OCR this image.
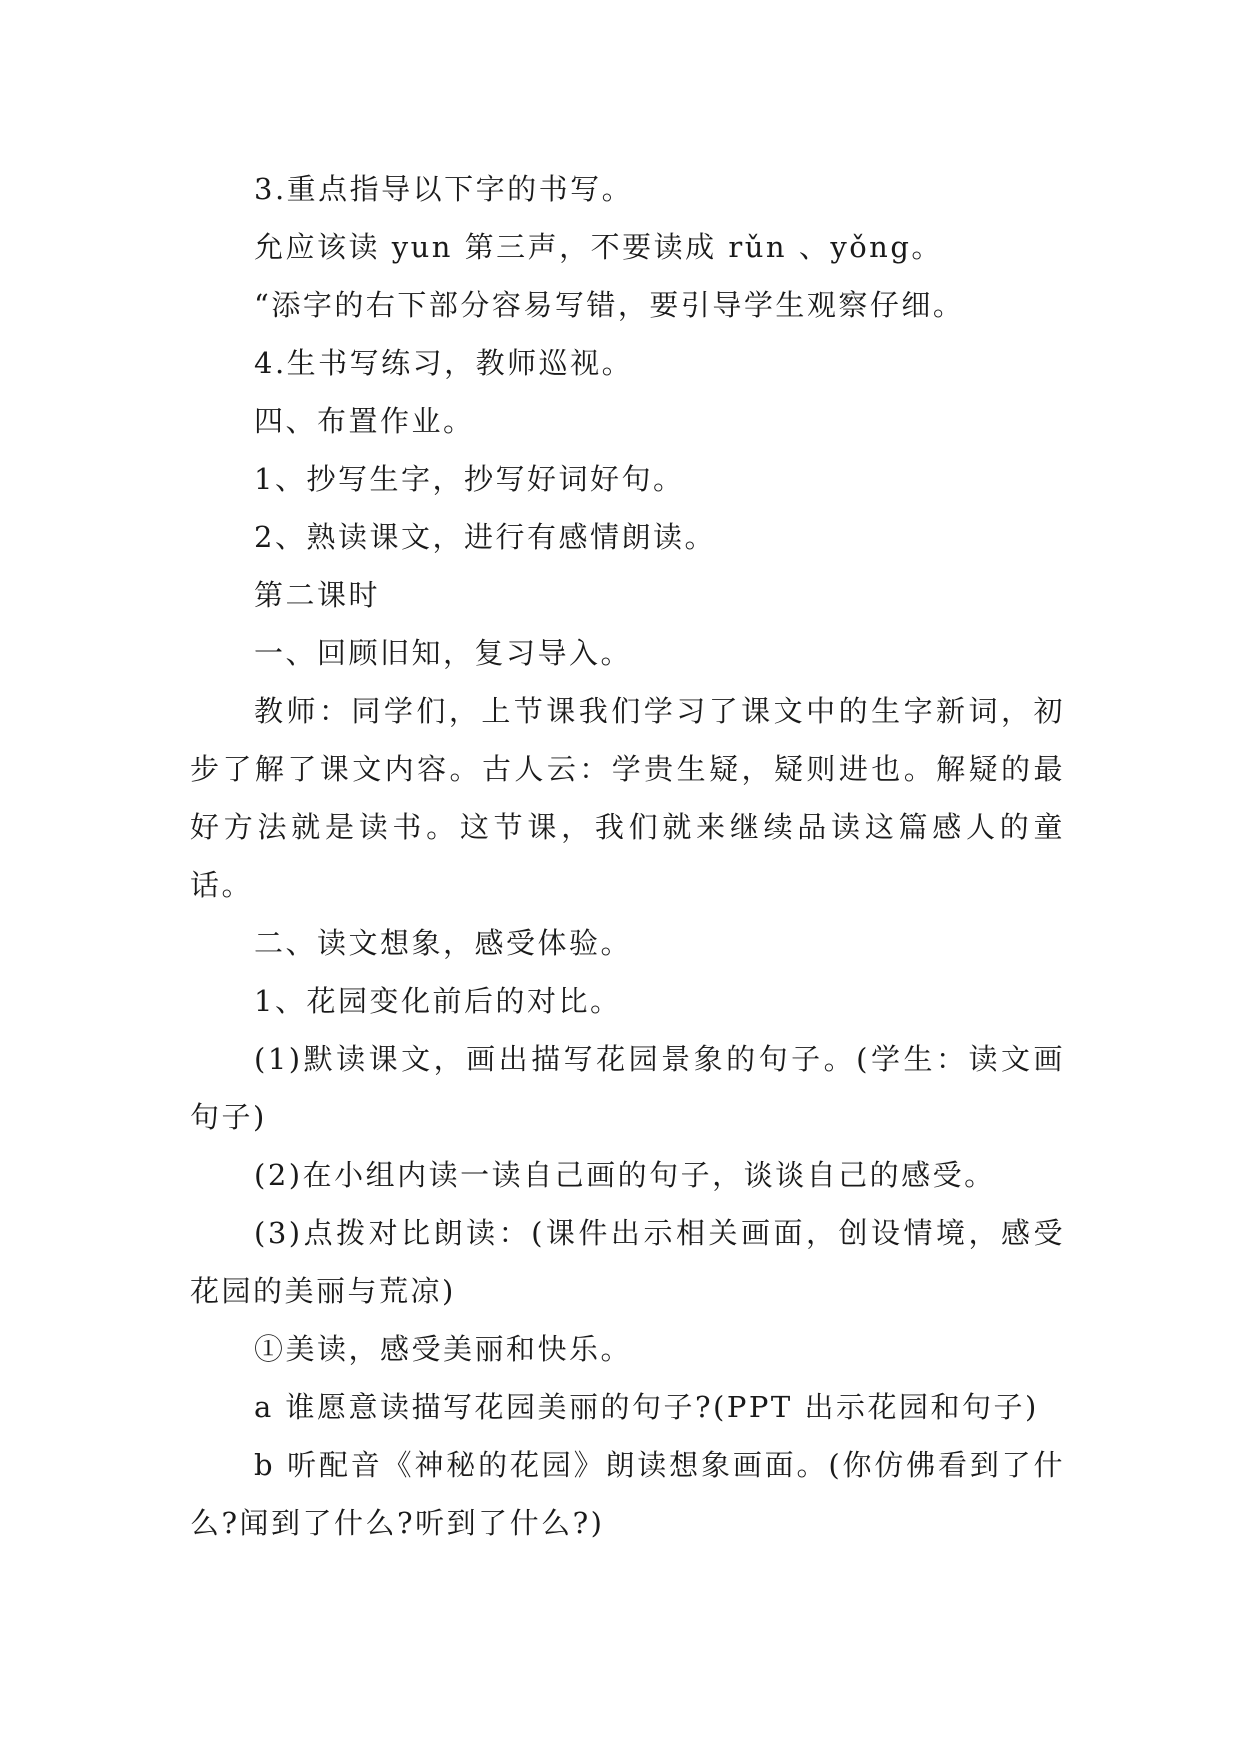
3.重点指导以下字的书写。

允应该读 yun 第三声，不要读成 rǔn 、yǒng。

“添字的右下部分容易写错，要引导学生观察仔细。

4.生书写练习，教师巡视。

四、布置作业。

1、抄写生字，抄写好词好句。

2、熟读课文，进行有感情朗读。

第二课时

一、回顾旧知，复习导入。

教师：同学们，上节课我们学习了课文中的生字新词，初步了解了课文内容。古人云：学贵生疑，疑则进也。解疑的最好方法就是读书。这节课，我们就来继续品读这篇感人的童话。

二、读文想象，感受体验。

1、花园变化前后的对比。

(1)默读课文，画出描写花园景象的句子。(学生：读文画句子)

(2)在小组内读一读自己画的句子，谈谈自己的感受。

(3)点拨对比朗读：(课件出示相关画面，创设情境，感受花园的美丽与荒凉)

①美读，感受美丽和快乐。

a 谁愿意读描写花园美丽的句子?(PPT 出示花园和句子)

b 听配音《神秘的花园》朗读想象画面。(你仿佛看到了什么?闻到了什么?听到了什么?)
